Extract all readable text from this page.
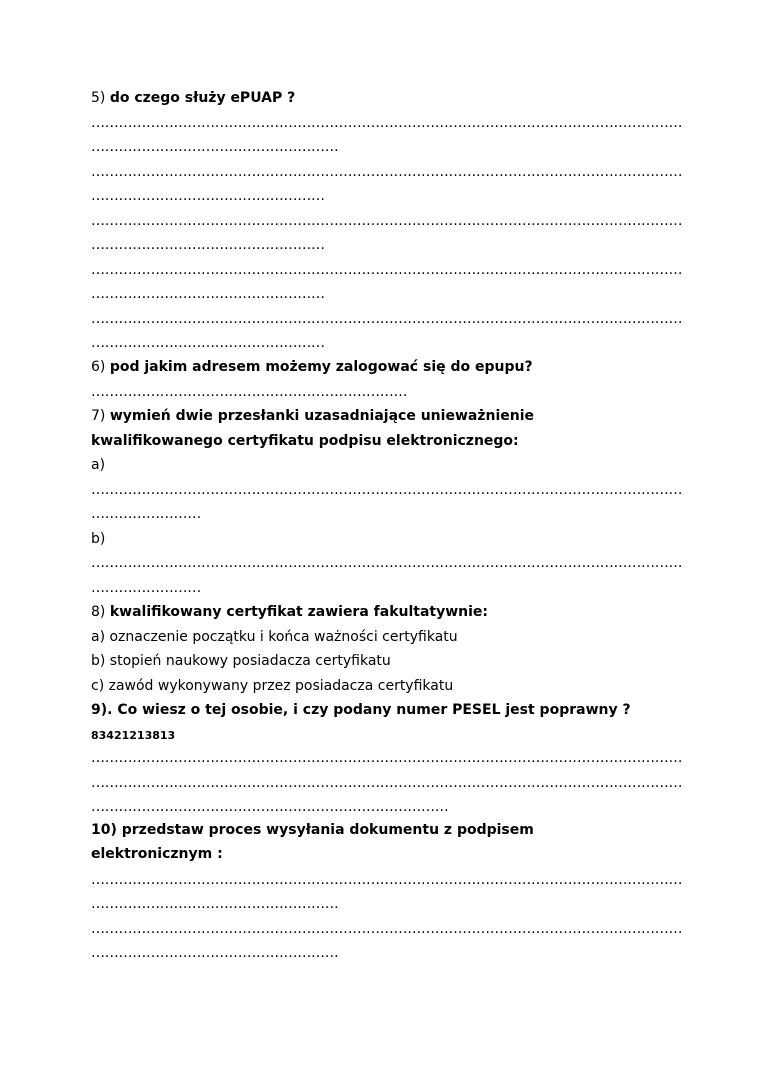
5) do czego służy ePUAP ?
…………………………………………………………………………………………………………………
………………………………………………
…………………………………………………………………………………………………………………
……………………………………………
…………………………………………………………………………………………………………………
……………………………………………
…………………………………………………………………………………………………………………
……………………………………………
…………………………………………………………………………………………………………………
……………………………………………
6) pod jakim adresem możemy zalogować się do epupu?
……………………………………………………………
7) wymień dwie przesłanki uzasadniające unieważnienie
kwalifikowanego certyfikatu podpisu elektronicznego:
a)
…………………………………………………………………………………………………………………
……………………
b)
…………………………………………………………………………………………………………………
……………………
8) kwalifikowany certyfikat zawiera fakultatywnie:
a) oznaczenie początku i końca ważności certyfikatu
b) stopień naukowy posiadacza certyfikatu
c) zawód wykonywany przez posiadacza certyfikatu
9). Co wiesz o tej osobie, i czy podany numer PESEL jest poprawny ?
83421213813
…………………………………………………………………………………………………………………
…………………………………………………………………………………………………………………
……………………………………………………………………
10) przedstaw proces wysyłania dokumentu z podpisem
elektronicznym :
…………………………………………………………………………………………………………………
………………………………………………
…………………………………………………………………………………………………………………
………………………………………………
